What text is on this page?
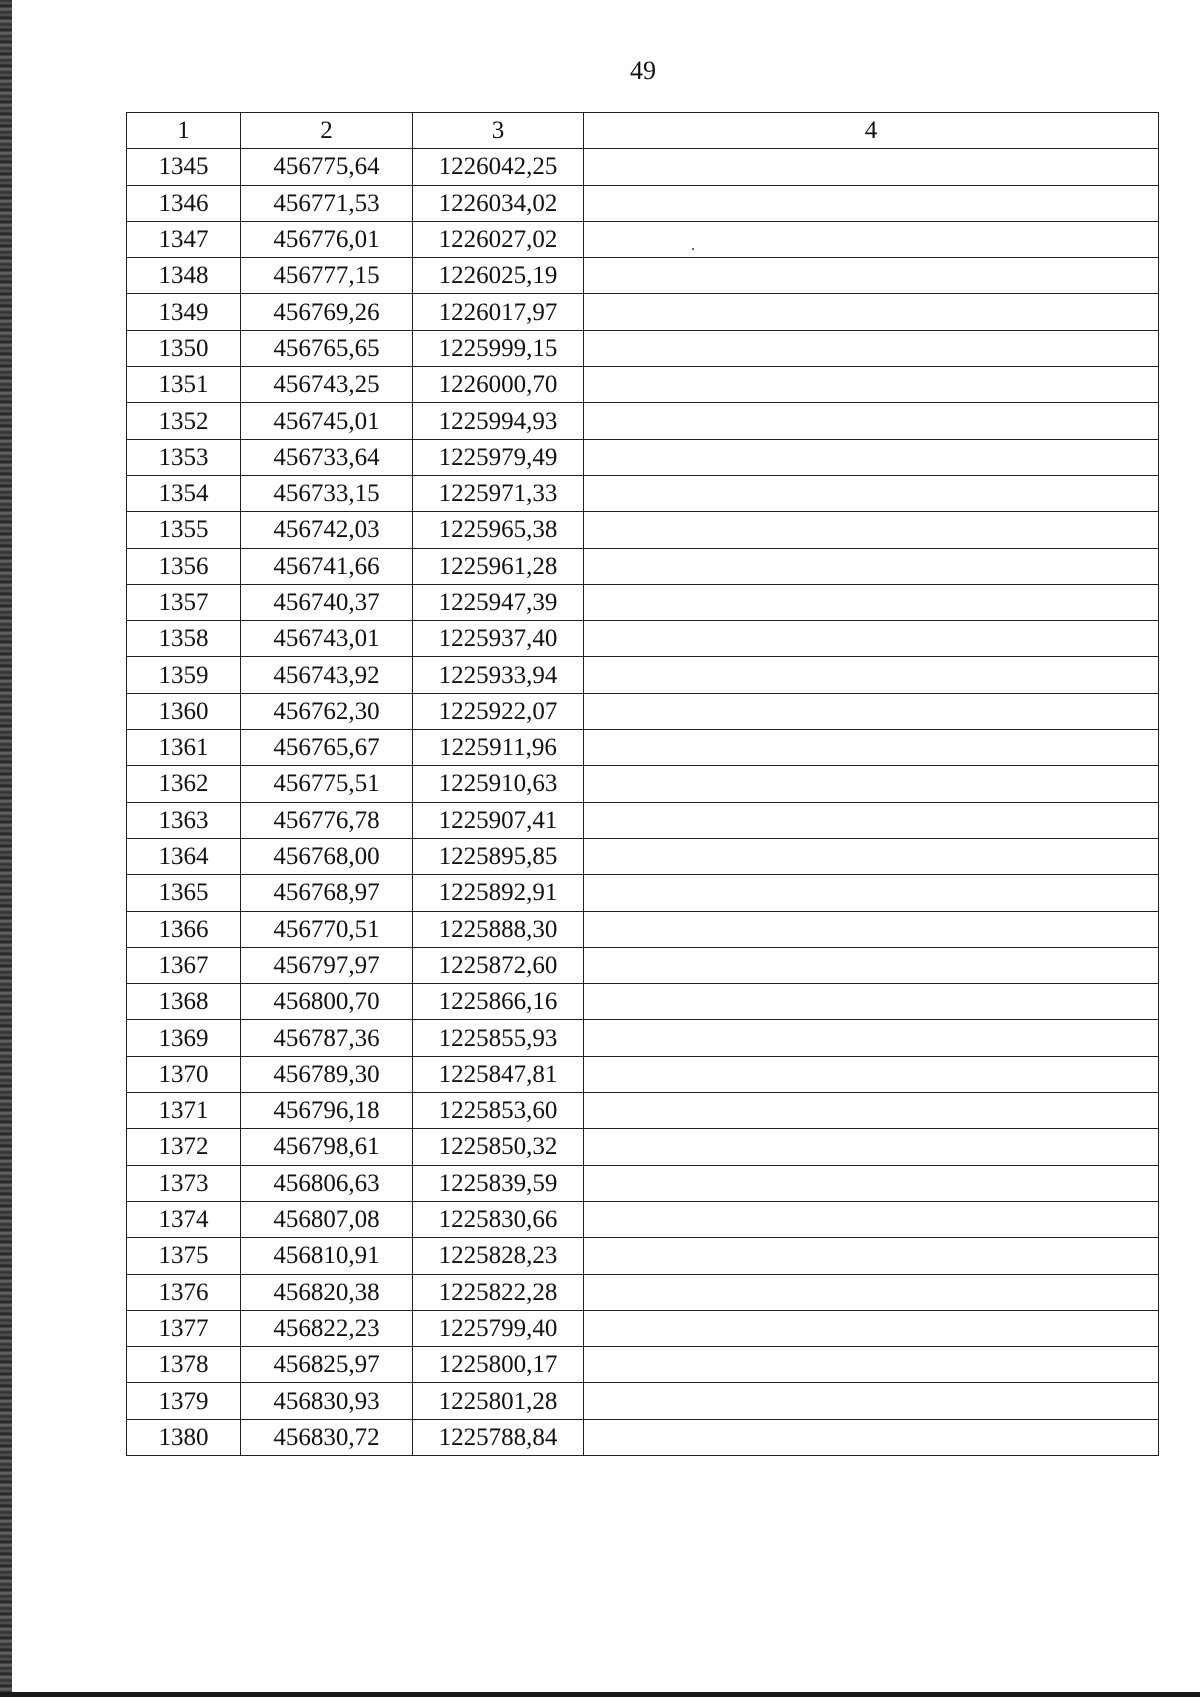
49
1	2	3	4
1345	456775,64	1226042,25	
1346	456771,53	1226034,02	
1347	456776,01	1226027,02	
1348	456777,15	1226025,19	
1349	456769,26	1226017,97	
1350	456765,65	1225999,15	
1351	456743,25	1226000,70	
1352	456745,01	1225994,93	
1353	456733,64	1225979,49	
1354	456733,15	1225971,33	
1355	456742,03	1225965,38	
1356	456741,66	1225961,28	
1357	456740,37	1225947,39	
1358	456743,01	1225937,40	
1359	456743,92	1225933,94	
1360	456762,30	1225922,07	
1361	456765,67	1225911,96	
1362	456775,51	1225910,63	
1363	456776,78	1225907,41	
1364	456768,00	1225895,85	
1365	456768,97	1225892,91	
1366	456770,51	1225888,30	
1367	456797,97	1225872,60	
1368	456800,70	1225866,16	
1369	456787,36	1225855,93	
1370	456789,30	1225847,81	
1371	456796,18	1225853,60	
1372	456798,61	1225850,32	
1373	456806,63	1225839,59	
1374	456807,08	1225830,66	
1375	456810,91	1225828,23	
1376	456820,38	1225822,28	
1377	456822,23	1225799,40	
1378	456825,97	1225800,17	
1379	456830,93	1225801,28	
1380	456830,72	1225788,84	
